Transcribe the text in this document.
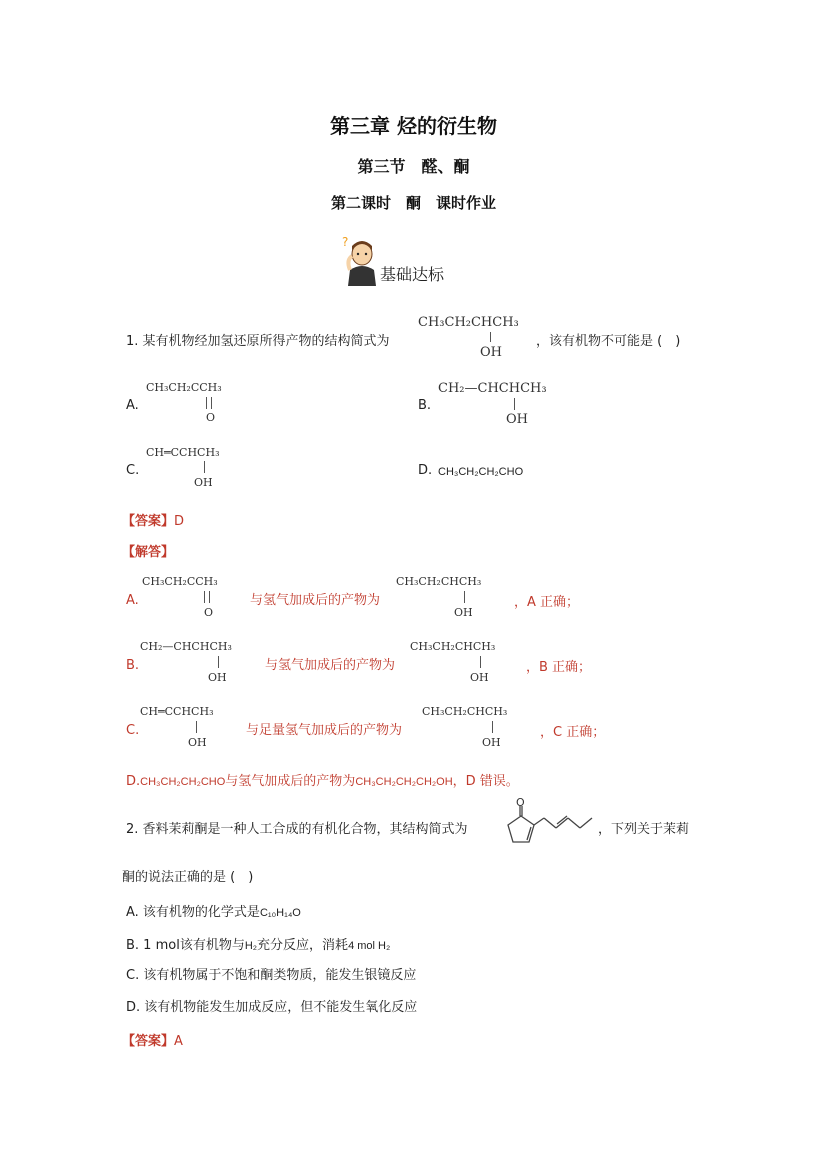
第三章 烃的衍生物
第三节　醛、酮
第二课时　酮　课时作业
?
基础达标
1. 某有机物经加氢还原所得产物的结构简式为
CH₃CH₂CHCH₃
OH
，该有机物不可能是 (　)
A.
CH₃CH₂CCH₃
O
B.
CH₂—CHCHCH₃
OH
C.
CH═CCHCH₃
OH
D. CH₃CH₂CH₂CHO
【答案】D
【解答】
A.
CH₃CH₂CCH₃
O
与氢气加成后的产物为
CH₃CH₂CHCH₃
OH
，A 正确；
B.
CH₂—CHCHCH₃
OH
与氢气加成后的产物为
CH₃CH₂CHCH₃
OH
，B 正确；
C.
CH═CCHCH₃
OH
与足量氢气加成后的产物为
CH₃CH₂CHCH₃
OH
，C 正确；
D.CH₃CH₂CH₂CHO与氢气加成后的产物为CH₃CH₂CH₂CH₂OH，D 错误。
2. 香料茉莉酮是一种人工合成的有机化合物，其结构简式为
O
，下列关于茉莉
酮的说法正确的是 (　)
A. 该有机物的化学式是C₁₀H₁₄O
B. 1 mol该有机物与H₂充分反应，消耗4 mol H₂
C. 该有机物属于不饱和酮类物质，能发生银镜反应
D. 该有机物能发生加成反应，但不能发生氧化反应
【答案】A
